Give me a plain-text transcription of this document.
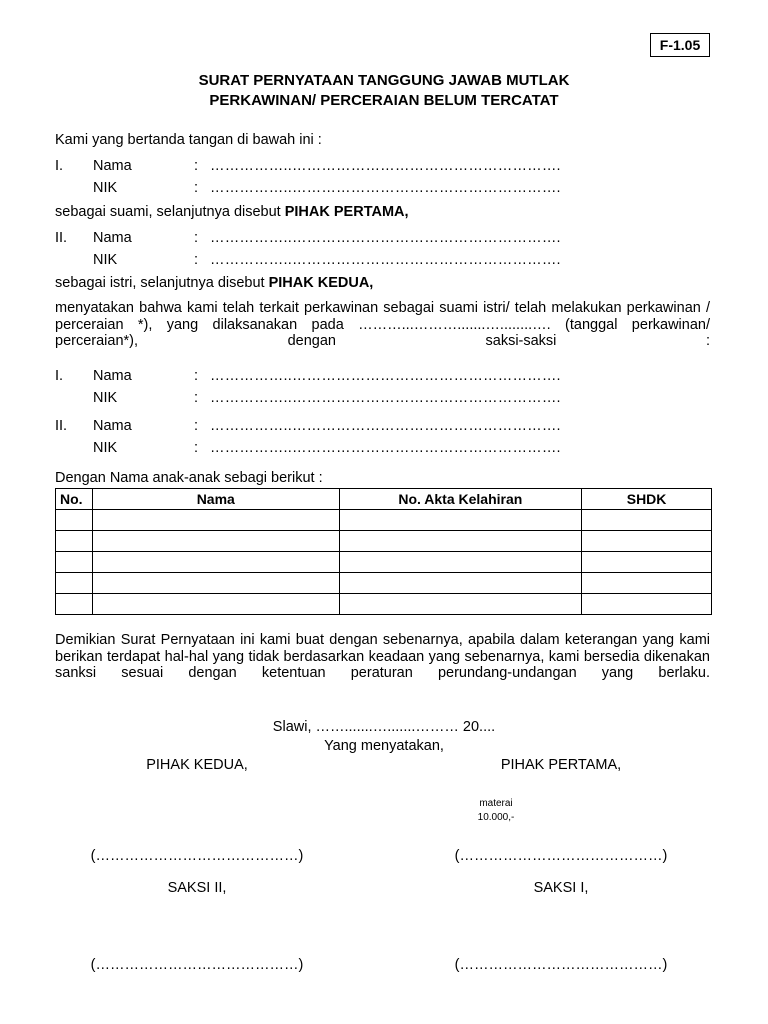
F-1.05
SURAT PERNYATAAN TANGGUNG JAWAB MUTLAK
PERKAWINAN/ PERCERAIAN BELUM TERCATAT
Kami yang bertanda tangan di bawah ini :
I. Nama	: ……………..……………………………………………….
NIK	: ……………..……………………………………………….
sebagai suami, selanjutnya disebut PIHAK PERTAMA,
II. Nama	: ……………..……………………………………………….
NIK	: ……………..……………………………………………….
sebagai istri, selanjutnya disebut PIHAK KEDUA,
menyatakan bahwa kami telah terkait perkawinan sebagai suami istri/ telah melakukan perkawinan / perceraian *), yang dilaksanakan pada ………...……….......…........…. (tanggal perkawinan/ perceraian*), dengan saksi-saksi :
I. Nama	: ……………..……………………………………………….
NIK	: ……………..……………………………………………….
II. Nama	: ……………..……………………………………………….
NIK	: ……………..……………………………………………….
Dengan Nama anak-anak sebagi berikut :
No.	Nama	No. Akta Kelahiran	SHDK

Demikian Surat Pernyataan ini kami buat dengan sebenarnya, apabila dalam keterangan yang kami berikan terdapat hal-hal yang tidak berdasarkan keadaan yang sebenarnya, kami bersedia dikenakan sanksi sesuai dengan ketentuan peraturan perundang-undangan yang berlaku.
Slawi, …….......….......……… 20....
Yang menyatakan,
PIHAK KEDUA,	PIHAK PERTAMA,
materai
10.000,-
(……………………………………)	(……………………………………)
SAKSI II,	SAKSI I,
(……………………………………)	(……………………………………)
